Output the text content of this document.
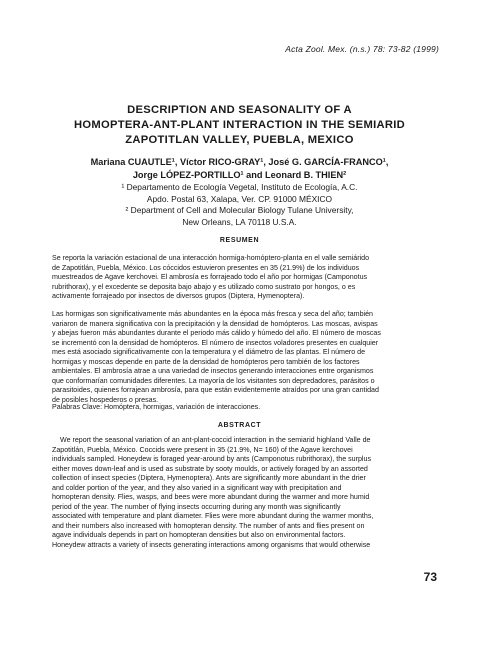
Acta Zool. Mex. (n.s.) 78: 73-82 (1999)
DESCRIPTION AND SEASONALITY OF A
HOMOPTERA-ANT-PLANT INTERACTION IN THE SEMIARID
ZAPOTITLAN VALLEY, PUEBLA, MEXICO
Mariana CUAUTLE¹, Víctor RICO-GRAY¹, José G. GARCÍA-FRANCO¹,
Jorge LÓPEZ-PORTILLO¹ and Leonard B. THIEN²
¹ Departamento de Ecología Vegetal, Instituto de Ecología, A.C.
Apdo. Postal 63, Xalapa, Ver. CP. 91000 MÉXICO
² Department of Cell and Molecular Biology Tulane University,
New Orleans, LA 70118 U.S.A.
RESUMEN
Se reporta la variación estacional de una interacción hormiga-homóptero-planta en el valle semiárido
de Zapotitlán, Puebla, México. Los cóccidos estuvieron presentes en 35 (21.9%) de los individuos
muestreados de Agave kerchovei. El ambrosía es forrajeado todo el año por hormigas (Camponotus
rubrithorax), y el excedente se deposita bajo abajo y es utilizado como sustrato por hongos, o es
activamente forrajeado por insectos de diversos grupos (Diptera, Hymenoptera).
Las hormigas son significativamente más abundantes en la época más fresca y seca del año; también
variaron de manera significativa con la precipitación y la densidad de homópteros. Las moscas, avispas
y abejas fueron más abundantes durante el periodo más cálido y húmedo del año. El número de moscas
se incrementó con la densidad de homópteros. El número de insectos voladores presentes en cualquier
mes está asociado significativamente con la temperatura y el diámetro de las plantas. El número de
hormigas y moscas depende en parte de la densidad de homópteros pero también de los factores
ambientales. El ambrosía atrae a una variedad de insectos generando interacciones entre organismos
que conformarían comunidades diferentes. La mayoría de los visitantes son depredadores, parásitos o
parasitoides, quienes forrajean ambrosía, para que están evidentemente atraídos por una gran cantidad
de posibles hospederos o presas.
Palabras Clave: Homóptera, hormigas, variación de interacciones.
ABSTRACT
We report the seasonal variation of an ant-plant-coccid interaction in the semiarid highland Valle de
Zapotitlán, Puebla, México. Coccids were present in 35 (21.9%, N= 160) of the Agave kerchovei
individuals sampled. Honeydew is foraged year-around by ants (Camponotus rubrithorax), the surplus
either moves down-leaf and is used as substrate by sooty moulds, or actively foraged by an assorted
collection of insect species (Diptera, Hymenoptera). Ants are significantly more abundant in the drier
and colder portion of the year, and they also varied in a significant way with precipitation and
homopteran density. Flies, wasps, and bees were more abundant during the warmer and more humid
period of the year. The number of flying insects occurring during any month was significantly
associated with temperature and plant diameter. Flies were more abundant during the warmer months,
and their numbers also increased with homopteran density. The number of ants and flies present on
agave individuals depends in part on homopteran densities but also on environmental factors.
Honeydew attracts a variety of insects generating interactions among organisms that would otherwise
73
